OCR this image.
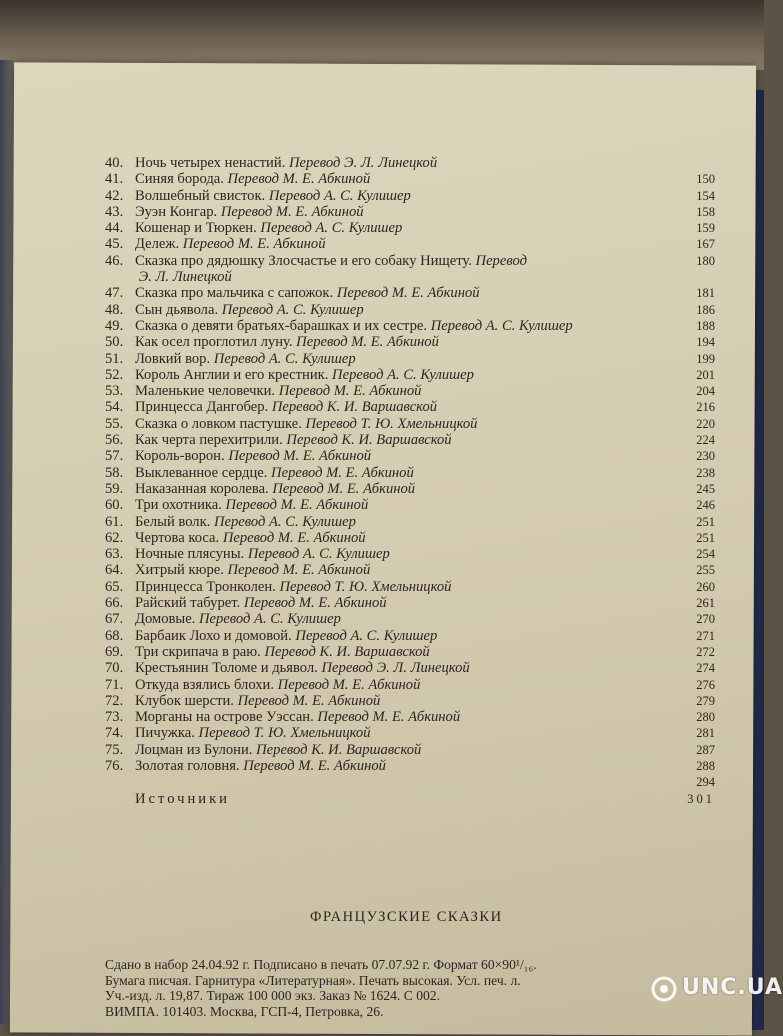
40. Ночь четырех ненастий. Перевод Э. Л. Линецкой
41. Синяя борода. Перевод М. Е. Абкиной	150
42. Волшебный свисток. Перевод А. С. Кулишер	154
43. Эуэн Конгар. Перевод М. Е. Абкиной	158
44. Кошенар и Тюркен. Перевод А. С. Кулишер	159
45. Дележ. Перевод М. Е. Абкиной	167
46. Сказка про дядюшку Злосчастье и его собаку Нищету. Перевод	180
Э. Л. Линецкой
47. Сказка про мальчика с сапожок. Перевод М. Е. Абкиной	181
48. Сын дьявола. Перевод А. С. Кулишер	186
49. Сказка о девяти братьях-барашках и их сестре. Перевод А. С. Кулишер	188
50. Как осел проглотил луну. Перевод М. Е. Абкиной	194
51. Ловкий вор. Перевод А. С. Кулишер	199
52. Король Англии и его крестник. Перевод А. С. Кулишер	201
53. Маленькие человечки. Перевод М. Е. Абкиной	204
54. Принцесса Дангобер. Перевод К. И. Варшавской	216
55. Сказка о ловком пастушке. Перевод Т. Ю. Хмельницкой	220
56. Как черта перехитрили. Перевод К. И. Варшавской	224
57. Король-ворон. Перевод М. Е. Абкиной	230
58. Выклеванное сердце. Перевод М. Е. Абкиной	238
59. Наказанная королева. Перевод М. Е. Абкиной	245
60. Три охотника. Перевод М. Е. Абкиной	246
61. Белый волк. Перевод А. С. Кулишер	251
62. Чертова коса. Перевод М. Е. Абкиной	251
63. Ночные плясуны. Перевод А. С. Кулишер	254
64. Хитрый кюре. Перевод М. Е. Абкиной	255
65. Принцесса Тронколен. Перевод Т. Ю. Хмельницкой	260
66. Райский табурет. Перевод М. Е. Абкиной	261
67. Домовые. Перевод А. С. Кулишер	270
68. Барбаик Лохо и домовой. Перевод А. С. Кулишер	271
69. Три скрипача в раю. Перевод К. И. Варшавской	272
70. Крестьянин Толоме и дьявол. Перевод Э. Л. Линецкой	274
71. Откуда взялись блохи. Перевод М. Е. Абкиной	276
72. Клубок шерсти. Перевод М. Е. Абкиной	279
73. Морганы на острове Уэссан. Перевод М. Е. Абкиной	280
74. Пичужка. Перевод Т. Ю. Хмельницкой	281
75. Лоцман из Булони. Перевод К. И. Варшавской	287
76. Золотая головня. Перевод М. Е. Абкиной	288
294
Источники	301
ФРАНЦУЗСКИЕ СКАЗКИ
Сдано в набор 24.04.92 г. Подписано в печать 07.07.92 г. Формат 60×90¹/₁₆.
Бумага писчая. Гарнитура «Литературная». Печать высокая. Усл. печ. л.
Уч.-изд. л. 19,87. Тираж 100 000 экз. Заказ № 1624. С 002.
ВИМПА. 101403. Москва, ГСП-4, Петровка, 26.
UNC.UA
